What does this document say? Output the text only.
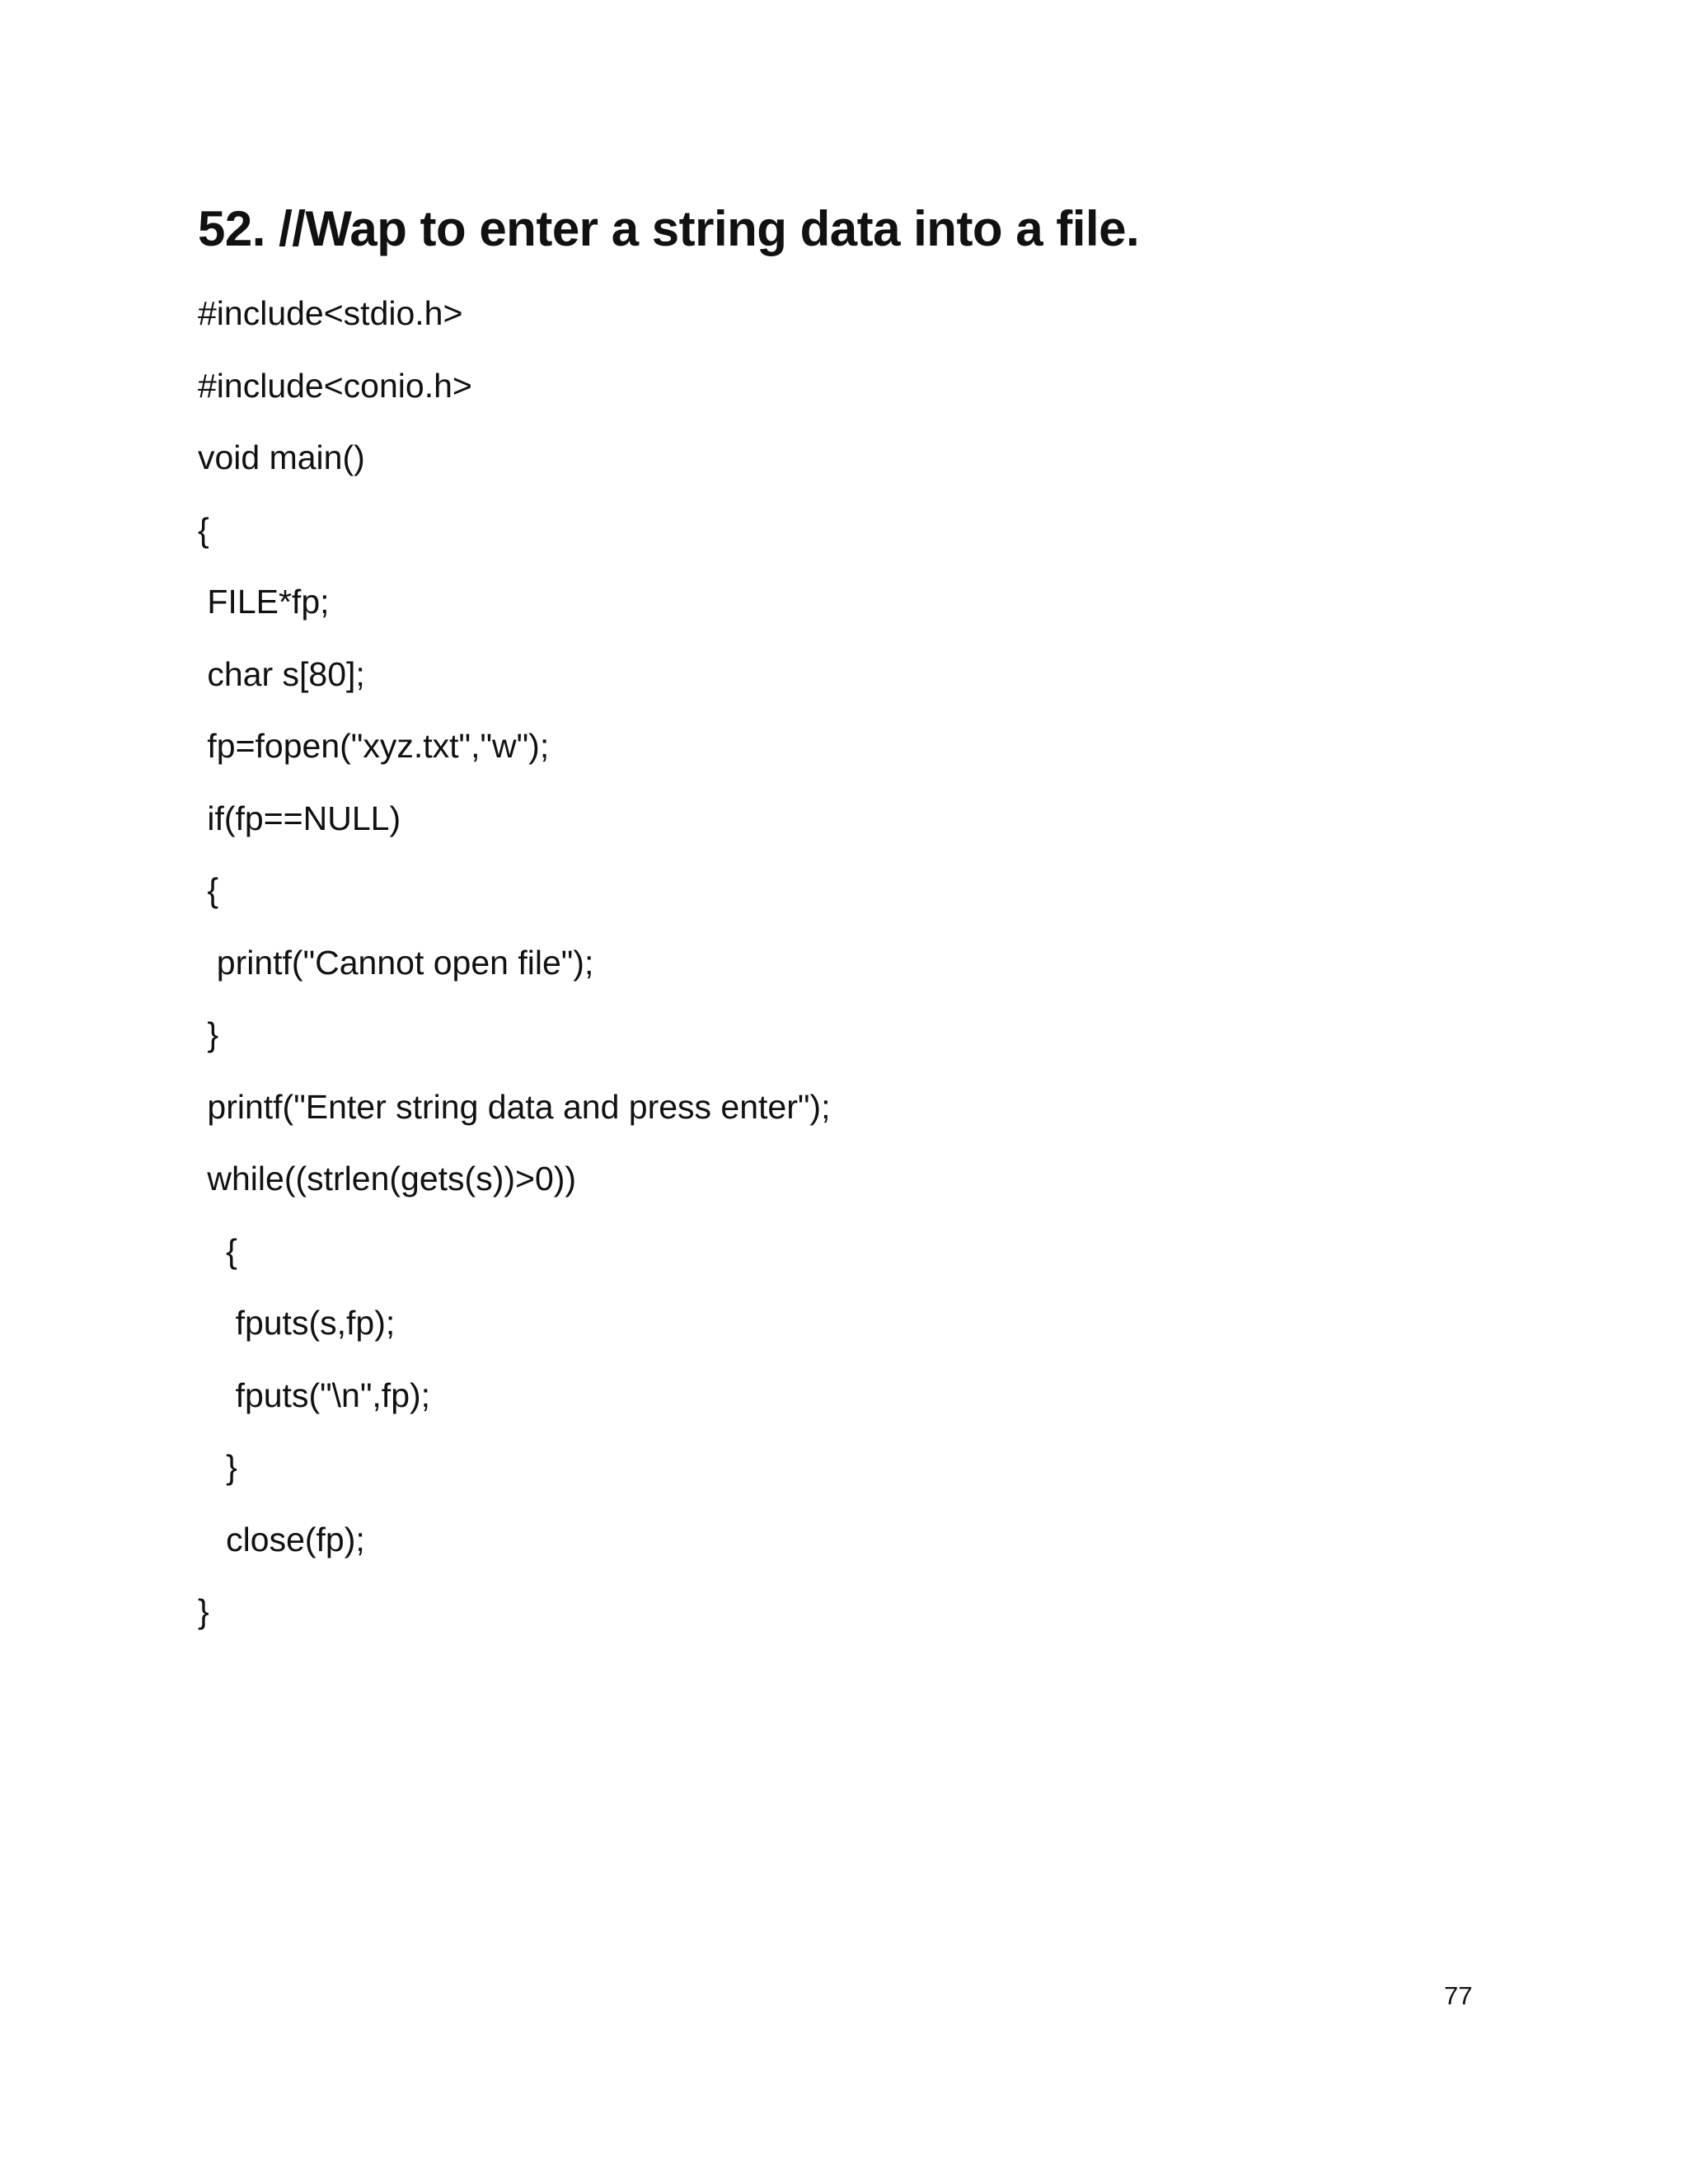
52. //Wap to enter a string data into a file.
#include<stdio.h>
#include<conio.h>
void main()
{
FILE*fp;
char s[80];
fp=fopen("xyz.txt","w");
if(fp==NULL)
{
printf("Cannot open file");
}
printf("Enter string data and press enter");
while((strlen(gets(s))>0))
{
fputs(s,fp);
fputs("\n",fp);
}
close(fp);
}
77
